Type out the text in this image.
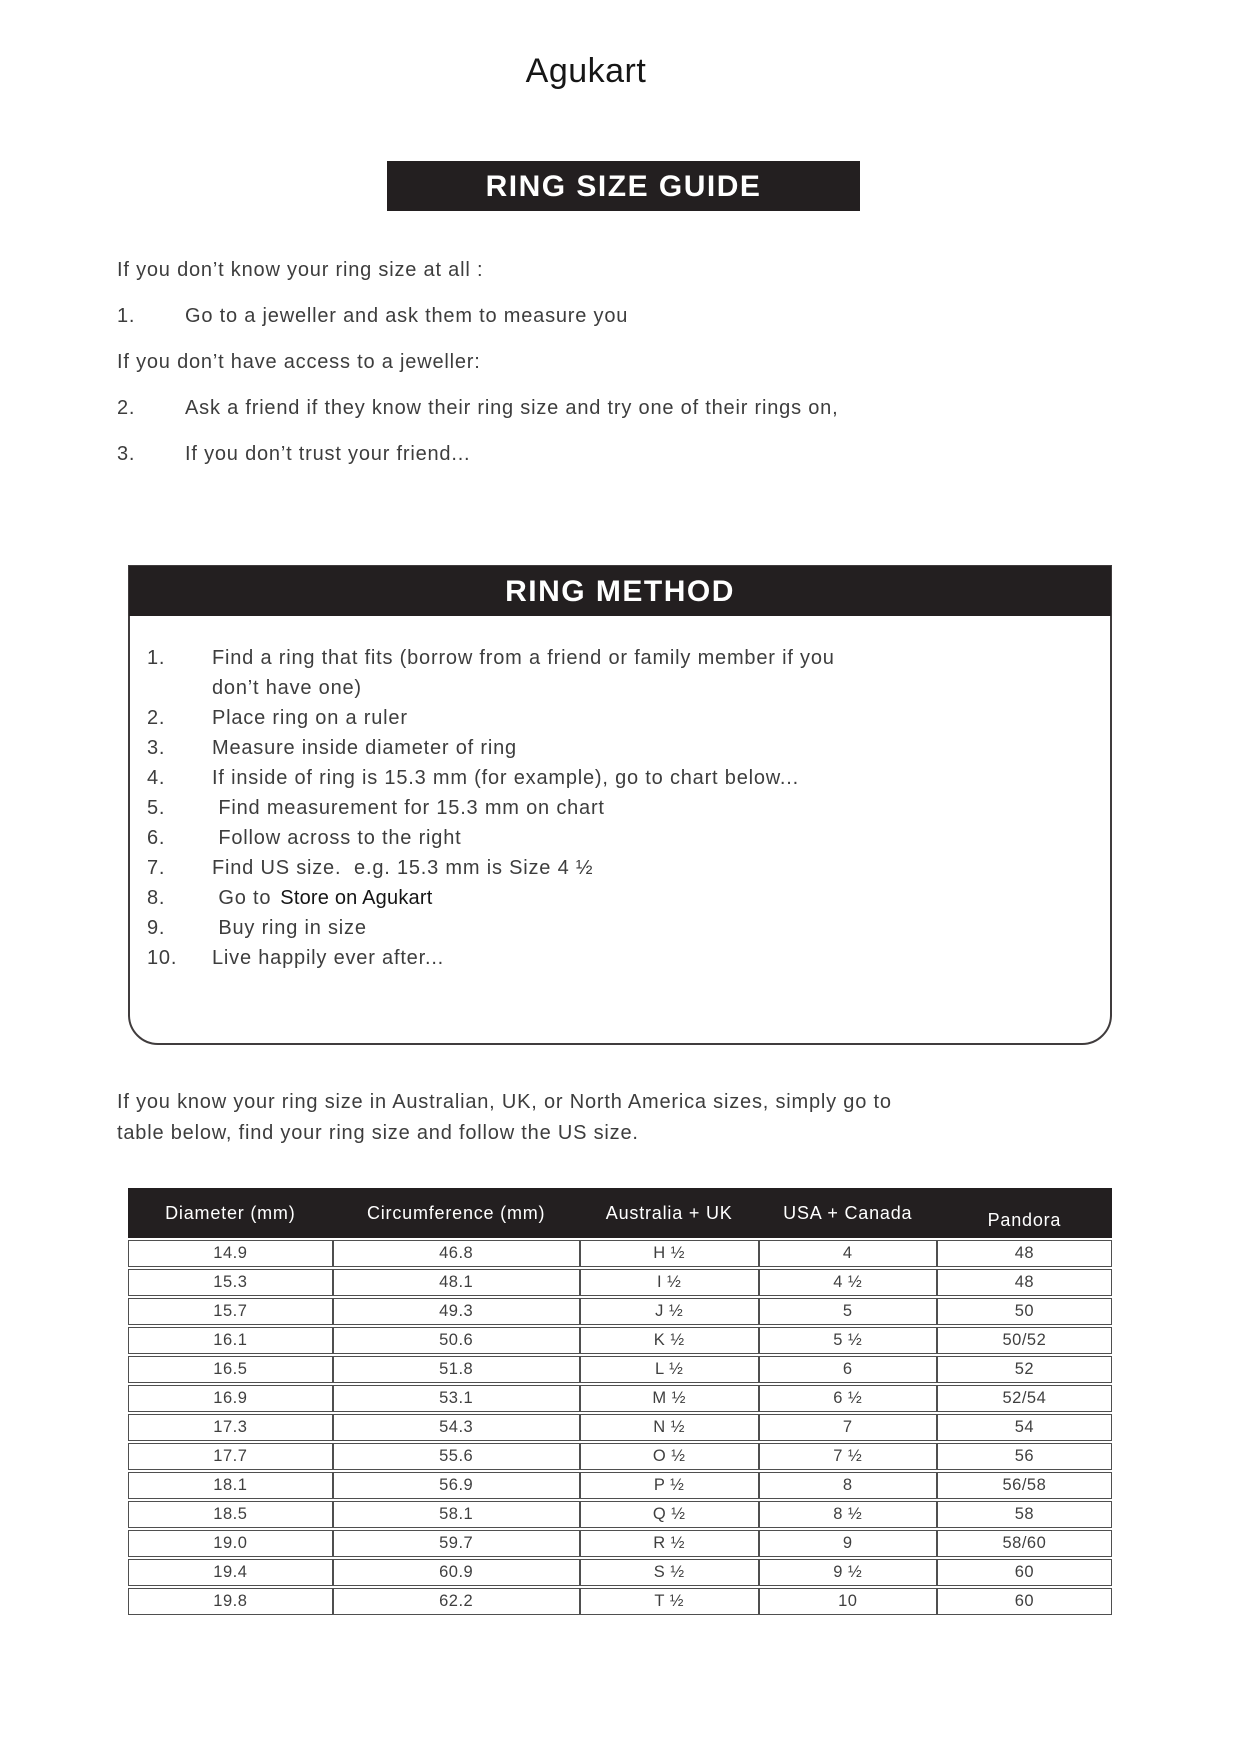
Agukart
RING SIZE GUIDE
If you don’t know your ring size at all :
1. Go to a jeweller and ask them to measure you
If you don’t have access to a jeweller:
2. Ask a friend if they know their ring size and try one of their rings on,
3. If you don’t trust your friend...
RING METHOD
1.	Find a ring that fits (borrow from a friend or family member if you
don’t have one)
2.	Place ring on a ruler
3.	Measure inside diameter of ring
4.	If inside of ring is 15.3 mm (for example), go to chart below...
5.	Find measurement for 15.3 mm on chart
6.	Follow across to the right
7.	Find US size.  e.g. 15.3 mm is Size 4 ½
8.	Go to Store on Agukart
9.	Buy ring in size
10.	Live happily ever after...
If you know your ring size in Australian, UK, or North America sizes, simply go to
table below, find your ring size and follow the US size.
Diameter (mm)	Circumference (mm)	Australia + UK	USA + Canada	Pandora
14.9	46.8	H ½	4	48
15.3	48.1	I ½	4 ½	48
15.7	49.3	J ½	5	50
16.1	50.6	K ½	5 ½	50/52
16.5	51.8	L ½	6	52
16.9	53.1	M ½	6 ½	52/54
17.3	54.3	N ½	7	54
17.7	55.6	O ½	7 ½	56
18.1	56.9	P ½	8	56/58
18.5	58.1	Q ½	8 ½	58
19.0	59.7	R ½	9	58/60
19.4	60.9	S ½	9 ½	60
19.8	62.2	T ½	10	60
